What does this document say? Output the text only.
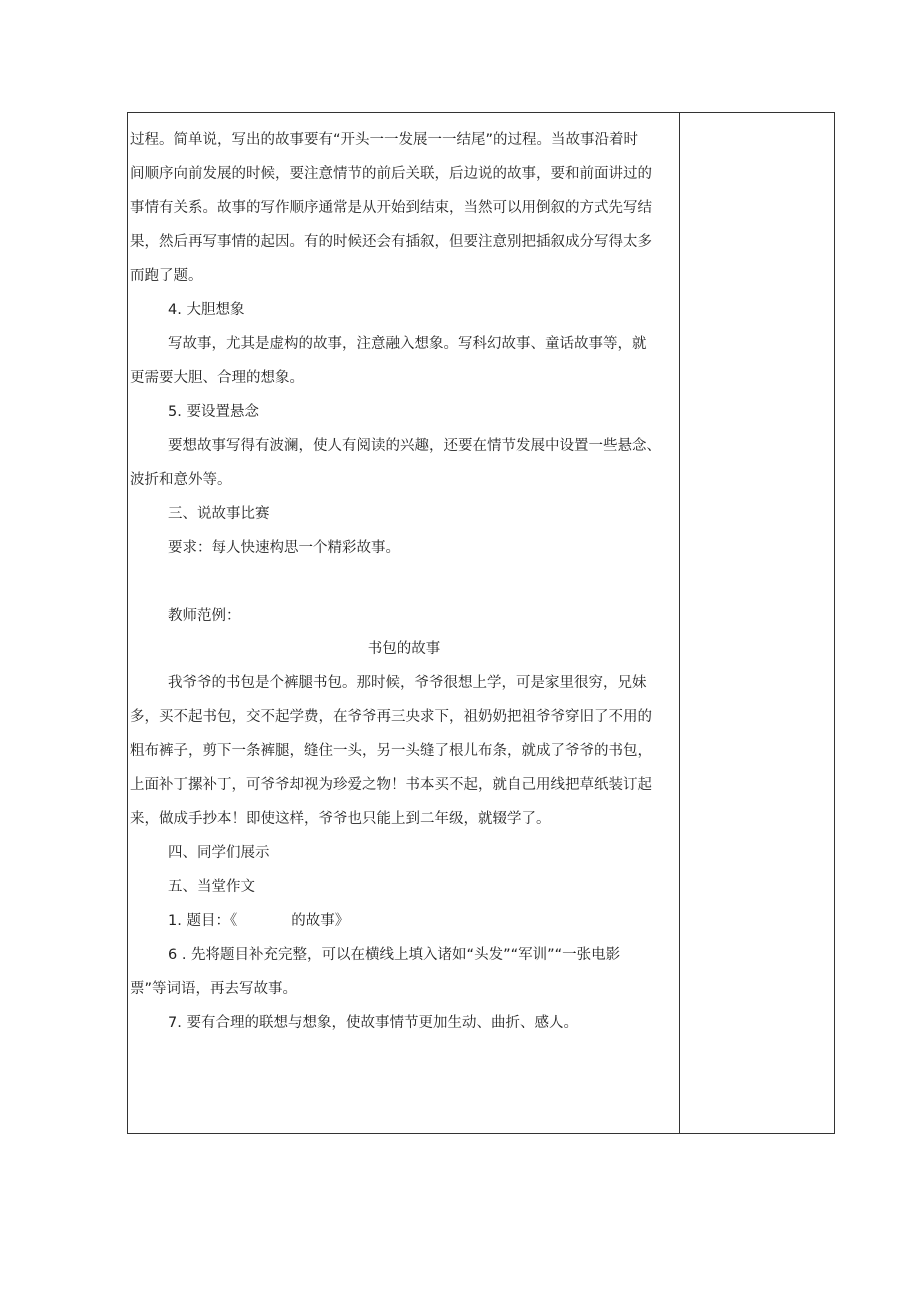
过程。简单说，写出的故事要有“开头一一发展一一结尾”的过程。当故事沿着时
间顺序向前发展的时候，要注意情节的前后关联，后边说的故事，要和前面讲过的
事情有关系。故事的写作顺序通常是从开始到结束，当然可以用倒叙的方式先写结
果，然后再写事情的起因。有的时候还会有插叙，但要注意别把插叙成分写得太多
而跑了题。
4. 大胆想象
写故事，尤其是虚构的故事，注意融入想象。写科幻故事、童话故事等，就
更需要大胆、合理的想象。
5. 要设置悬念
要想故事写得有波澜，使人有阅读的兴趣，还要在情节发展中设置一些悬念、
波折和意外等。
三、说故事比赛
要求：每人快速构思一个精彩故事。
教师范例：
书包的故事
我爷爷的书包是个裤腿书包。那时候，爷爷很想上学，可是家里很穷，兄妹
多，买不起书包，交不起学费，在爷爷再三央求下，祖奶奶把祖爷爷穿旧了不用的
粗布裤子，剪下一条裤腿，缝住一头，另一头缝了根儿布条，就成了爷爷的书包，
上面补丁摞补丁，可爷爷却视为珍爱之物！书本买不起，就自己用线把草纸装订起
来，做成手抄本！即使这样，爷爷也只能上到二年级，就辍学了。
四、同学们展示
五、当堂作文
1. 题目：《	的故事》
6 . 先将题目补充完整，可以在横线上填入诸如“头发”“军训”“一张电影
票”等词语，再去写故事。
7. 要有合理的联想与想象，使故事情节更加生动、曲折、感人。
